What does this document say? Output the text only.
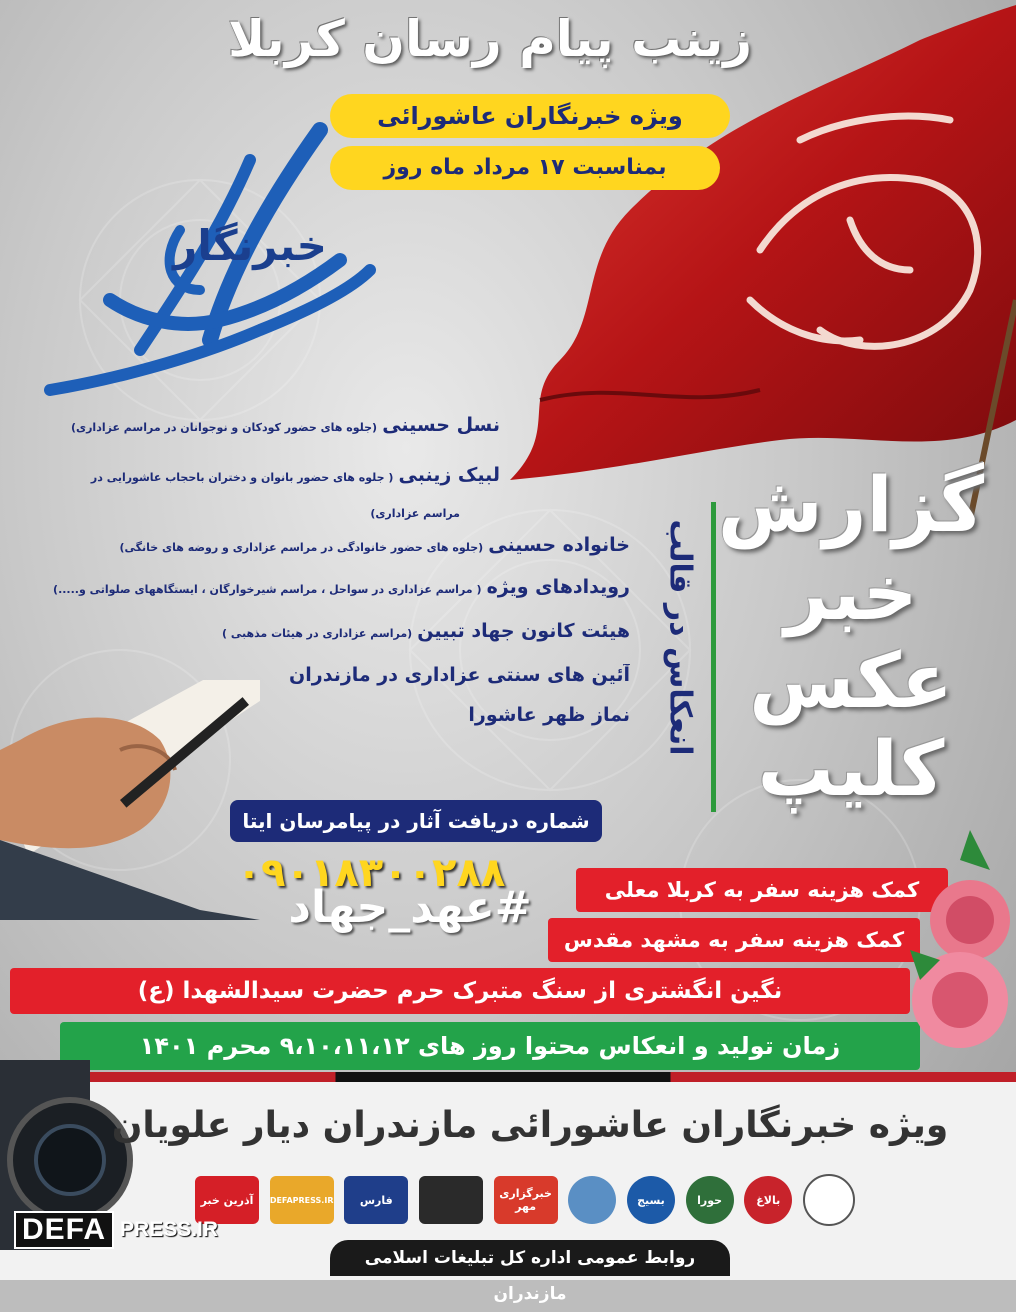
زینب پیام رسان کربلا
ویژه خبرنگاران عاشورائی
بمناسبت ۱۷ مرداد ماه روز
خبرنگار
نسل حسینی (جلوه های حضور کودکان و نوجوانان در مراسم عزاداری)
لبیک زینبی ( جلوه های حضور بانوان و دختران باحجاب عاشورایی در
مراسم عزاداری)
خانواده حسینی (جلوه های حضور خانوادگی در مراسم عزاداری و روضه های خانگی)
رویدادهای ویژه ( مراسم عزاداری در سواحل ، مراسم شیرخوارگان ، ایستگاههای صلواتی و.....)
هیئت کانون جهاد تبیین (مراسم عزاداری در هیئات مذهبی )
آئین های سنتی عزاداری در مازندران
نماز ظهر عاشورا انعکاس در قالب
گزارش
خبر
عکس
کلیپ
شماره دریافت آثار در پیامرسان ایتا
۰۹۰۱۸۳۰۰۲۸۸
#عهد_جهاد	کمک هزینه سفر به کربلا معلی
کمک هزینه سفر به مشهد مقدس
نگین انگشتری از سنگ متبرک حرم حضرت سیدالشهدا (ع)
زمان تولید و انعکاس محتوا روز های ۹،۱۰،۱۱،۱۲ محرم ۱۴۰۱
ویژه خبرنگاران عاشورائی مازندران دیار علویان
بالاغ
حورا
بسیج
خبرگزاری مهر
فارس
DEFAPRESS.IR
آذرین خبر
DEFA PRESS.IR
روابط عمومی اداره کل تبلیغات اسلامی مازندران
